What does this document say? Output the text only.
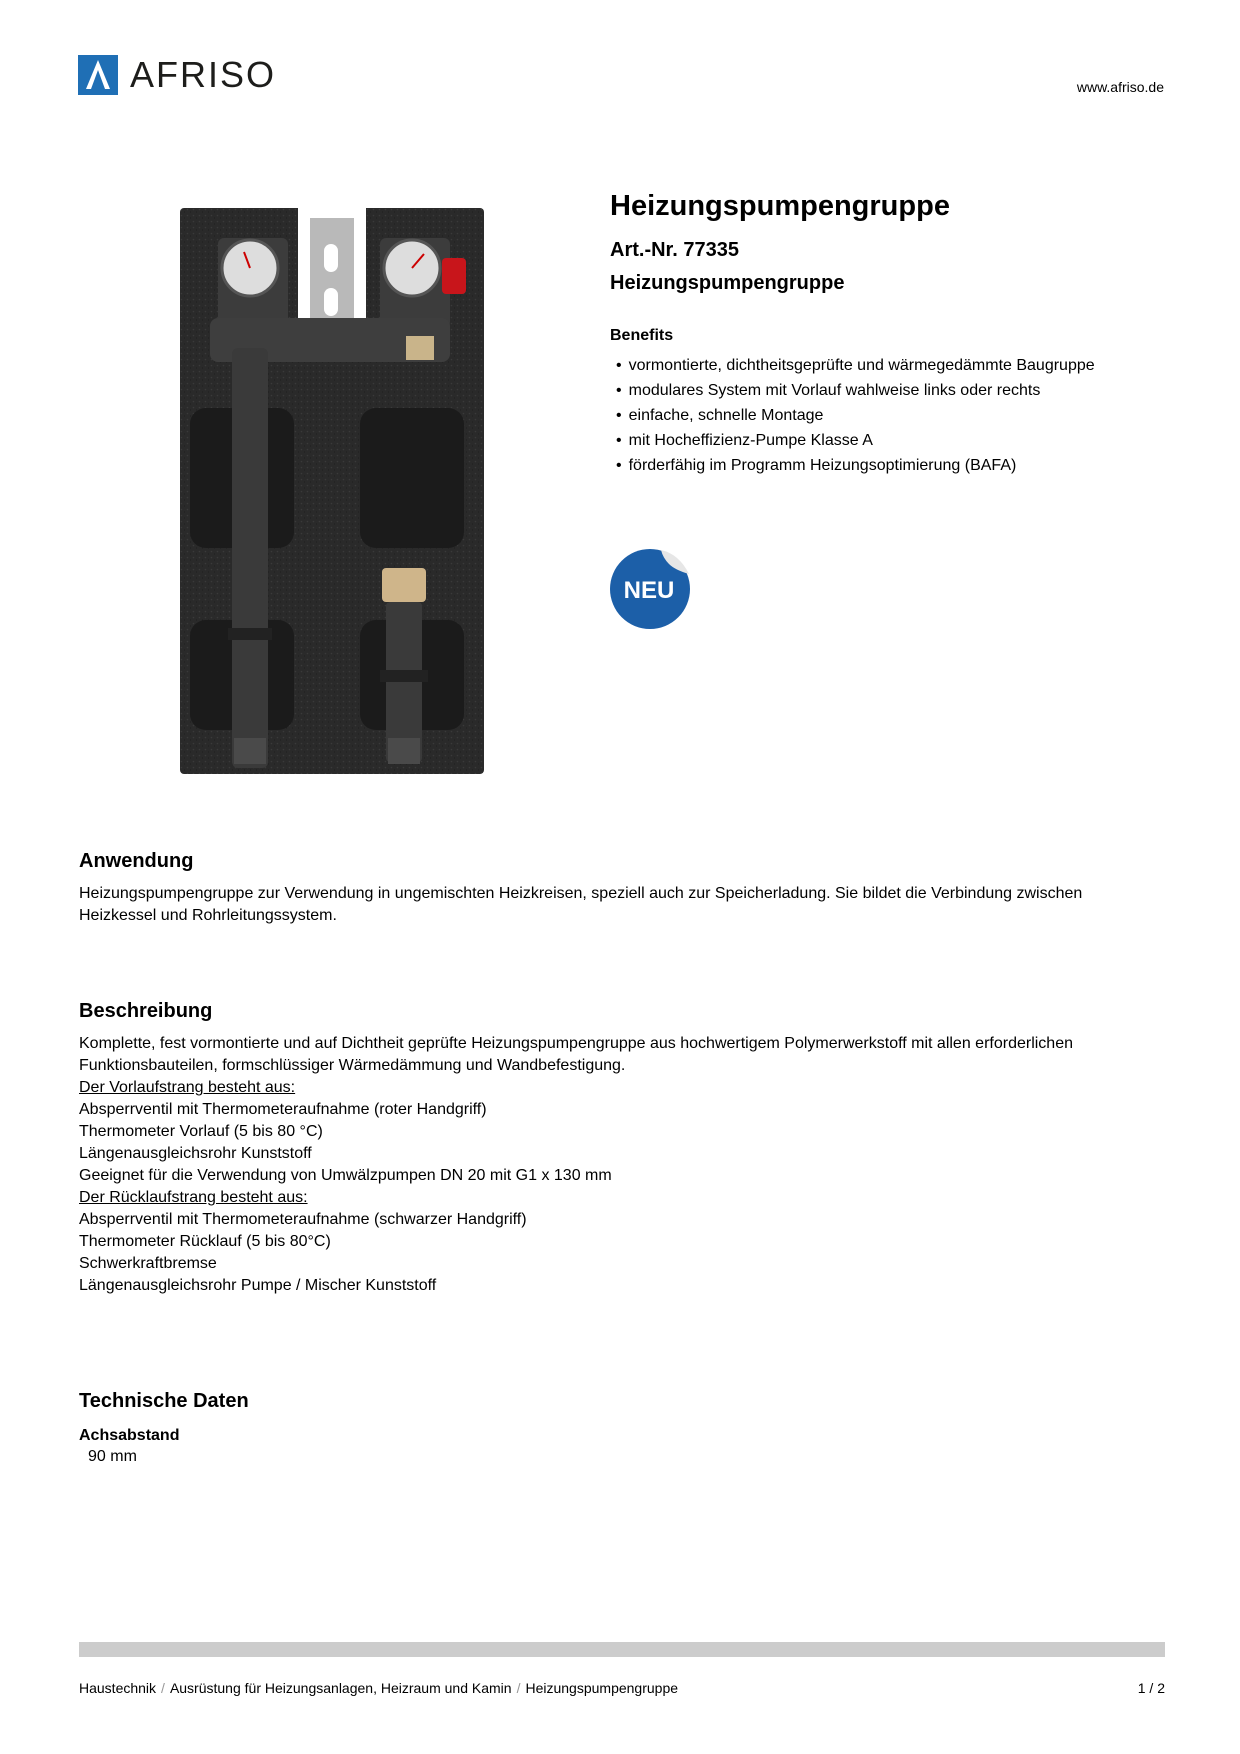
AFRISO	www.afriso.de
Heizungspumpengruppe
Art.-Nr. 77335
Heizungspumpengruppe
Benefits
• vormontierte, dichtheitsgeprüfte und wärmegedämmte Baugruppe
• modulares System mit Vorlauf wahlweise links oder rechts
• einfache, schnelle Montage
• mit Hocheffizienz-Pumpe Klasse A
• förderfähig im Programm Heizungsoptimierung (BAFA)
NEU
Anwendung

Heizungspumpengruppe zur Verwendung in ungemischten Heizkreisen, speziell auch zur Speicherladung. Sie bildet die Verbindung zwischen Heizkessel und Rohrleitungssystem.

Beschreibung
Komplette, fest vormontierte und auf Dichtheit geprüfte Heizungspumpengruppe aus hochwertigem Polymerwerkstoff mit allen erforderlichen Funktionsbauteilen, formschlüssiger Wärmedämmung und Wandbefestigung.
Der Vorlaufstrang besteht aus:
Absperrventil mit Thermometeraufnahme (roter Handgriff)
Thermometer Vorlauf (5 bis 80 °C)
Längenausgleichsrohr Kunststoff
Geeignet für die Verwendung von Umwälzpumpen DN 20 mit G1 x 130 mm
Der Rücklaufstrang besteht aus:
Absperrventil mit Thermometeraufnahme (schwarzer Handgriff)
Thermometer Rücklauf (5 bis 80°C)
Schwerkraftbremse
Längenausgleichsrohr Pumpe / Mischer Kunststoff
Technische Daten
Achsabstand
90 mm
Haustechnik / Ausrüstung für Heizungsanlagen, Heizraum und Kamin / Heizungspumpengruppe	1 / 2
